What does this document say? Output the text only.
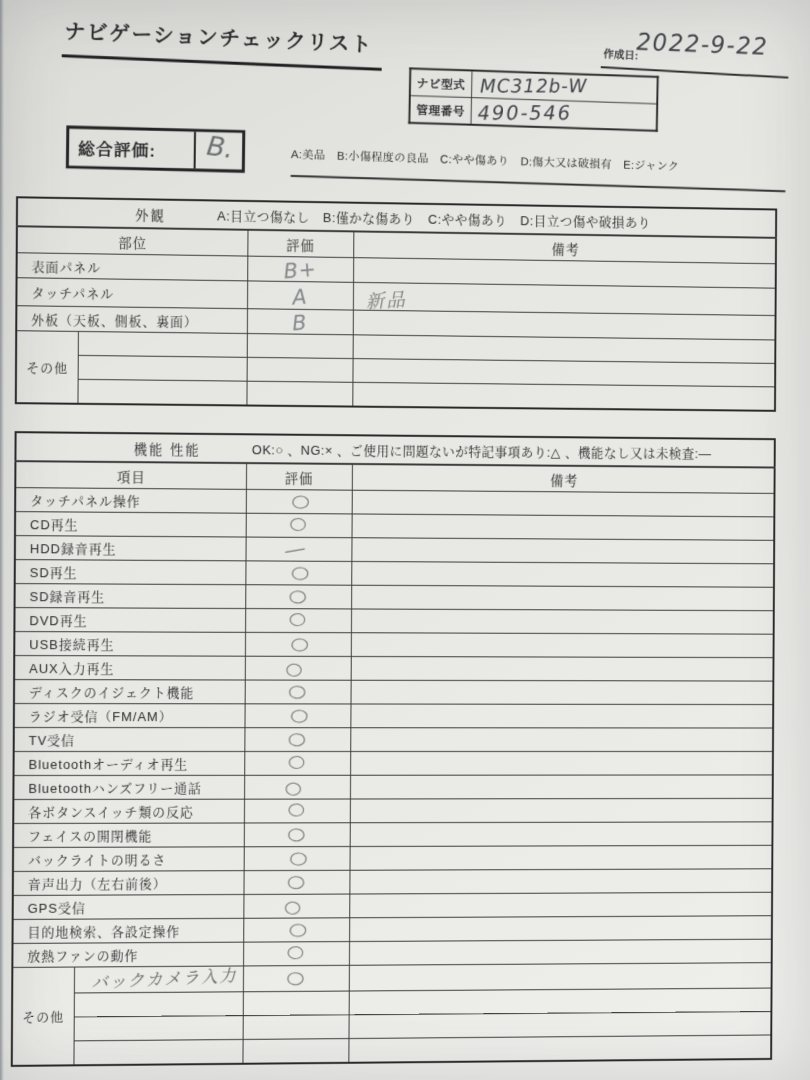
ナビゲーションチェックリスト	作成日:
2022-9-22
ナビ型式	MC312b-W

管理番号	490-546
総合評価:	B.	A:美品　B:小傷程度の良品　C:やや傷あり　D:傷大又は破損有　E:ジャンク
外観 A:目立つ傷なし　B:僅かな傷あり　C:やや傷あり　D:目立つ傷や破損あり			

部位		評価	備考
表面パネル		B+	
タッチパネル		A	新品
外板（天板、側板、裏面）		B	
その他			

機能 性能 OK:○ 、NG:× 、ご使用に問題ないが特記事項あり:△ 、機能なし又は未検査:―			

項目		評価	備考
タッチパネル操作		○	
CD再生		○	
HDD録音再生		―	
SD再生		○	
SD録音再生		○	
DVD再生		○	
USB接続再生		○	
AUX入力再生		○	
ディスクのイジェクト機能		○	
ラジオ受信（FM/AM）		○	
TV受信		○	
Bluetoothオーディオ再生		○	
Bluetoothハンズフリー通話		○	
各ボタンスイッチ類の反応		○	
フェイスの開閉機能		○	
バックライトの明るさ		○	
音声出力（左右前後）		○	
GPS受信		○	
目的地検索、各設定操作		○	
放熱ファンの動作		○	
その他	バックカメラ入力	○	
